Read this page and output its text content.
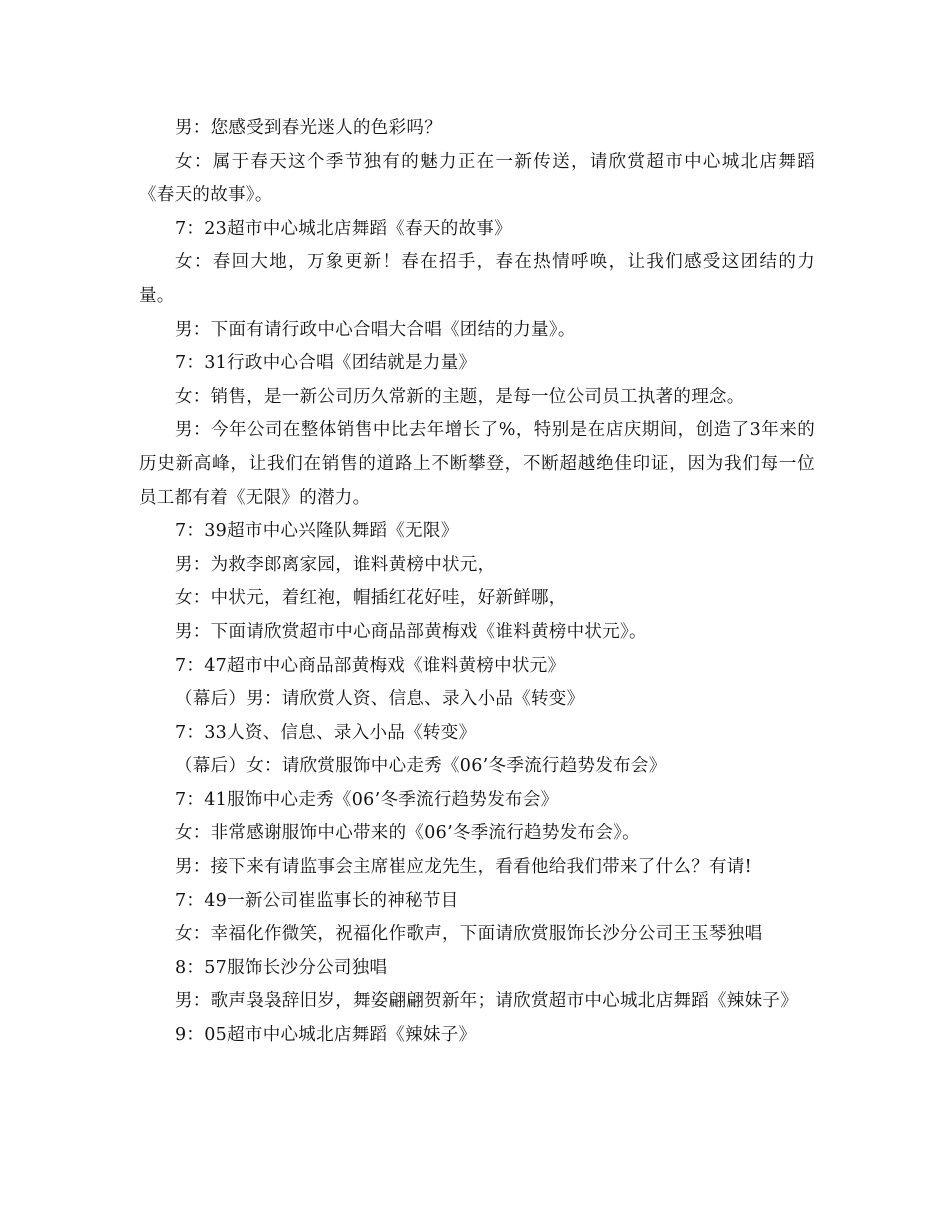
男：您感受到春光迷人的色彩吗？

女：属于春天这个季节独有的魅力正在一新传送，请欣赏超市中心城北店舞蹈《春天的故事》。

7：23超市中心城北店舞蹈《春天的故事》

女：春回大地，万象更新！春在招手，春在热情呼唤，让我们感受这团结的力量。

男：下面有请行政中心合唱大合唱《团结的力量》。

7：31行政中心合唱《团结就是力量》

女：销售，是一新公司历久常新的主题，是每一位公司员工执著的理念。

男：今年公司在整体销售中比去年增长了%，特别是在店庆期间，创造了3年来的历史新高峰，让我们在销售的道路上不断攀登，不断超越绝佳印证，因为我们每一位员工都有着《无限》的潜力。

7：39超市中心兴隆队舞蹈《无限》

男：为救李郎离家园，谁料黄榜中状元，

女：中状元，着红袍，帽插红花好哇，好新鲜哪，

男：下面请欣赏超市中心商品部黄梅戏《谁料黄榜中状元》。

7：47超市中心商品部黄梅戏《谁料黄榜中状元》

（幕后）男：请欣赏人资、信息、录入小品《转变》

7：33人资、信息、录入小品《转变》

（幕后）女：请欣赏服饰中心走秀《06’冬季流行趋势发布会》

7：41服饰中心走秀《06’冬季流行趋势发布会》

女：非常感谢服饰中心带来的《06’冬季流行趋势发布会》。

男：接下来有请监事会主席崔应龙先生，看看他给我们带来了什么？有请!

7：49一新公司崔监事长的神秘节目

女：幸福化作微笑，祝福化作歌声，下面请欣赏服饰长沙分公司王玉琴独唱

8：57服饰长沙分公司独唱

男：歌声袅袅辞旧岁，舞姿翩翩贺新年；请欣赏超市中心城北店舞蹈《辣妹子》

9：05超市中心城北店舞蹈《辣妹子》
